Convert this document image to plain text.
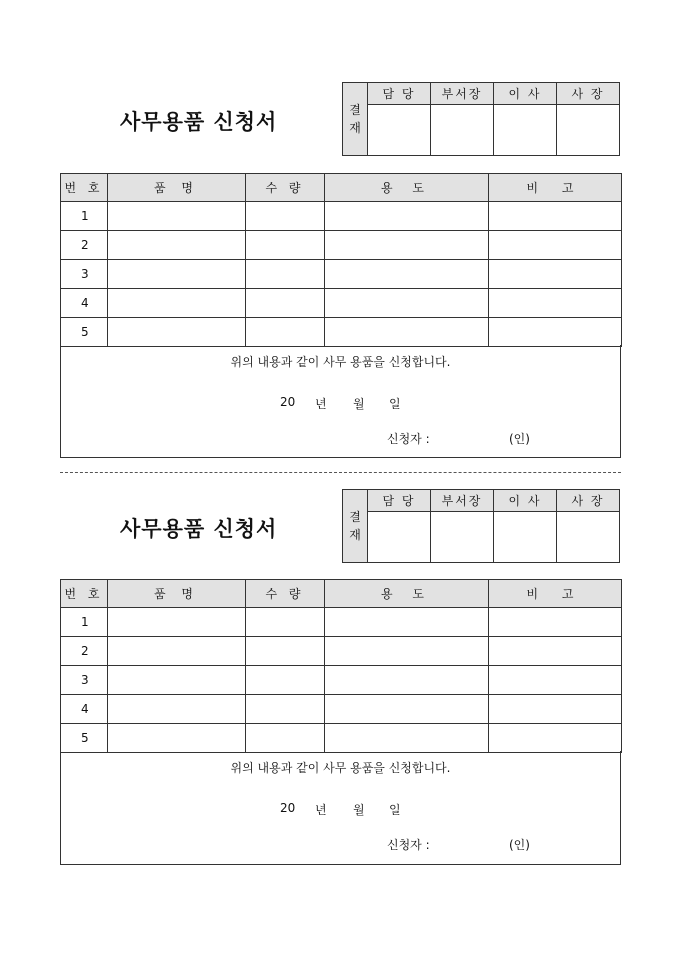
사무용품 신청서	결
재	담 당	부서장	이 사	사 장

번 호	품 명	수 량	용 도	비 고
1				
2				
3				
4				
5				
위의 내용과 같이 사무 용품을 신청합니다.
20 년 월 일
신청자 :	(인)
사무용품 신청서	결
재	담 당	부서장	이 사	사 장

번 호	품 명	수 량	용 도	비 고
1				
2				
3				
4				
5				
위의 내용과 같이 사무 용품을 신청합니다.
20 년 월 일
신청자 :	(인)
